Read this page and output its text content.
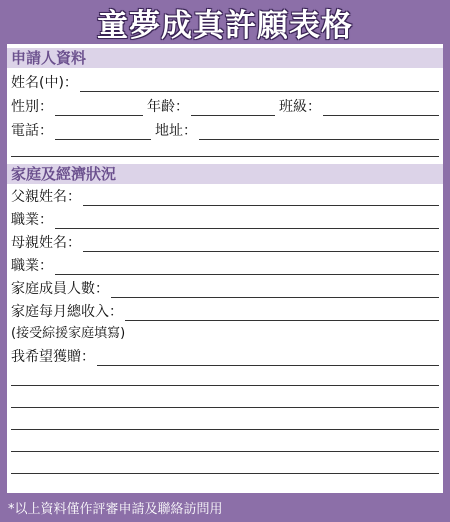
童夢成真許願表格
申請人資料
姓名(中)：
性別：	年齡：	班級：
電話：	地址：
家庭及經濟狀況
父親姓名：
職業：
母親姓名：
職業：
家庭成員人數：
家庭每月總收入：
(接受綜援家庭填寫)
我希望獲贈：
*以上資料僅作評審申請及聯絡訪問用
